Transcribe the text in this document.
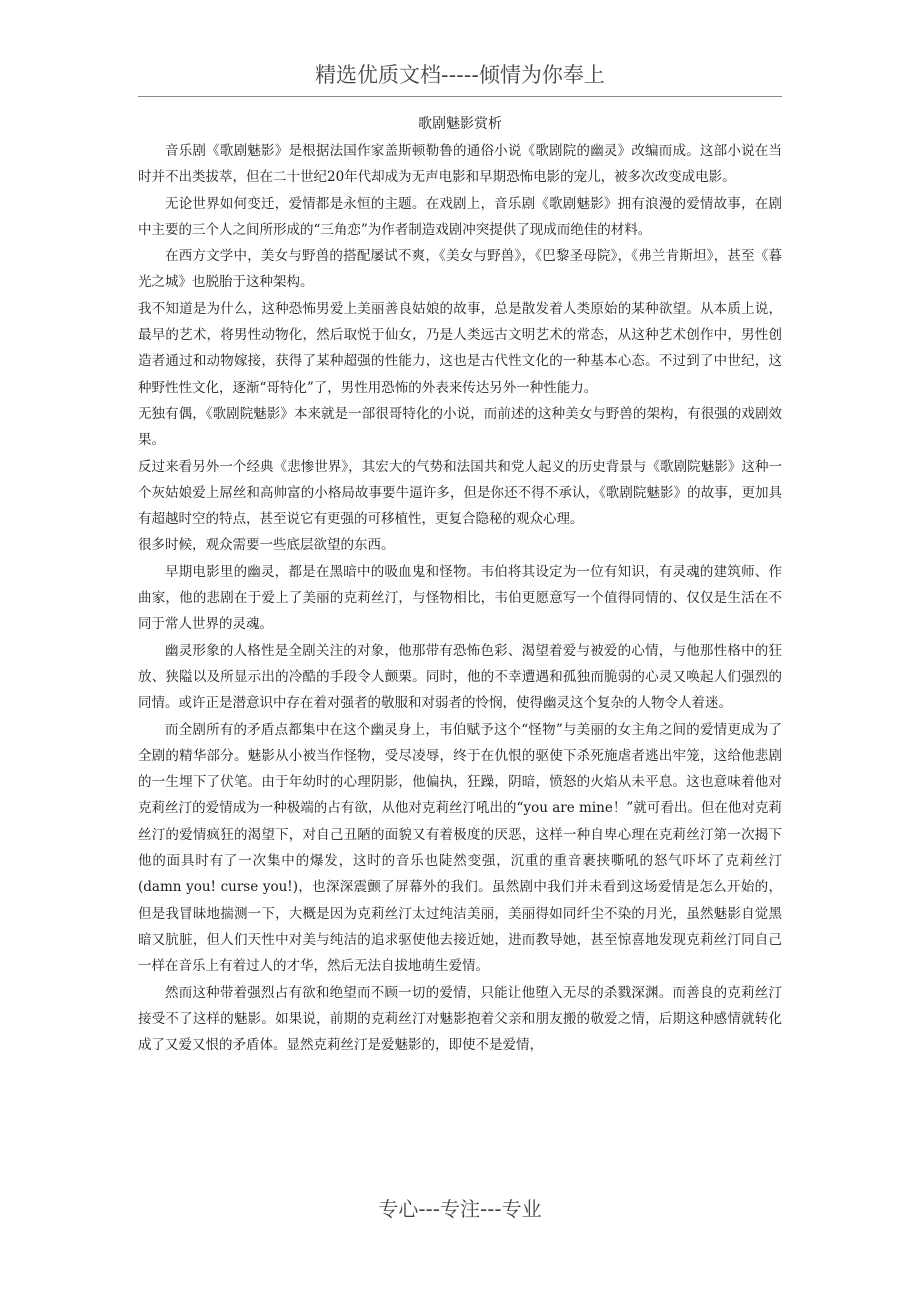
精选优质文档-----倾情为你奉上
歌剧魅影赏析

音乐剧《歌剧魅影》是根据法国作家盖斯顿勒鲁的通俗小说《歌剧院的幽灵》改编而成。这部小说在当时并不出类拔萃，但在二十世纪20年代却成为无声电影和早期恐怖电影的宠儿，被多次改变成电影。

无论世界如何变迁，爱情都是永恒的主题。在戏剧上，音乐剧《歌剧魅影》拥有浪漫的爱情故事，在剧中主要的三个人之间所形成的“三角恋”为作者制造戏剧冲突提供了现成而绝佳的材料。

在西方文学中，美女与野兽的搭配屡试不爽，《美女与野兽》，《巴黎圣母院》，《弗兰肯斯坦》，甚至《暮光之城》也脱胎于这种架构。

我不知道是为什么，这种恐怖男爱上美丽善良姑娘的故事，总是散发着人类原始的某种欲望。从本质上说，最早的艺术，将男性动物化，然后取悦于仙女，乃是人类远古文明艺术的常态，从这种艺术创作中，男性创造者通过和动物嫁接，获得了某种超强的性能力，这也是古代性文化的一种基本心态。不过到了中世纪，这种野性性文化，逐渐“哥特化”了，男性用恐怖的外表来传达另外一种性能力。

无独有偶，《歌剧院魅影》本来就是一部很哥特化的小说，而前述的这种美女与野兽的架构，有很强的戏剧效果。

反过来看另外一个经典《悲惨世界》，其宏大的气势和法国共和党人起义的历史背景与《歌剧院魅影》这种一个灰姑娘爱上屌丝和高帅富的小格局故事要牛逼许多，但是你还不得不承认，《歌剧院魅影》的故事，更加具有超越时空的特点，甚至说它有更强的可移植性，更复合隐秘的观众心理。

很多时候，观众需要一些底层欲望的东西。

早期电影里的幽灵，都是在黑暗中的吸血鬼和怪物。韦伯将其设定为一位有知识，有灵魂的建筑师、作曲家，他的悲剧在于爱上了美丽的克莉丝汀，与怪物相比，韦伯更愿意写一个值得同情的、仅仅是生活在不同于常人世界的灵魂。

幽灵形象的人格性是全剧关注的对象，他那带有恐怖色彩、渴望着爱与被爱的心情，与他那性格中的狂放、狭隘以及所显示出的冷酷的手段令人颤栗。同时，他的不幸遭遇和孤独而脆弱的心灵又唤起人们强烈的同情。或许正是潜意识中存在着对强者的敬服和对弱者的怜悯，使得幽灵这个复杂的人物令人着迷。

而全剧所有的矛盾点都集中在这个幽灵身上，韦伯赋予这个“怪物”与美丽的女主角之间的爱情更成为了全剧的精华部分。魅影从小被当作怪物，受尽凌辱，终于在仇恨的驱使下杀死施虐者逃出牢笼，这给他悲剧的一生埋下了伏笔。由于年幼时的心理阴影，他偏执，狂躁，阴暗，愤怒的火焰从未平息。这也意味着他对克莉丝汀的爱情成为一种极端的占有欲，从他对克莉丝汀吼出的“you are mine！”就可看出。但在他对克莉丝汀的爱情疯狂的渴望下，对自己丑陋的面貌又有着极度的厌恶，这样一种自卑心理在克莉丝汀第一次揭下他的面具时有了一次集中的爆发，这时的音乐也陡然变强，沉重的重音裹挟嘶吼的怒气吓坏了克莉丝汀(damn you! curse you!)，也深深震颤了屏幕外的我们。虽然剧中我们并未看到这场爱情是怎么开始的，但是我冒昧地揣测一下，大概是因为克莉丝汀太过纯洁美丽，美丽得如同纤尘不染的月光，虽然魅影自觉黑暗又肮脏，但人们天性中对美与纯洁的追求驱使他去接近她，进而教导她，甚至惊喜地发现克莉丝汀同自己一样在音乐上有着过人的才华，然后无法自拔地萌生爱情。

然而这种带着强烈占有欲和绝望而不顾一切的爱情，只能让他堕入无尽的杀戮深渊。而善良的克莉丝汀接受不了这样的魅影。如果说，前期的克莉丝汀对魅影抱着父亲和朋友搬的敬爱之情，后期这种感情就转化成了又爱又恨的矛盾体。显然克莉丝汀是爱魅影的，即使不是爱情，

专心---专注---专业
